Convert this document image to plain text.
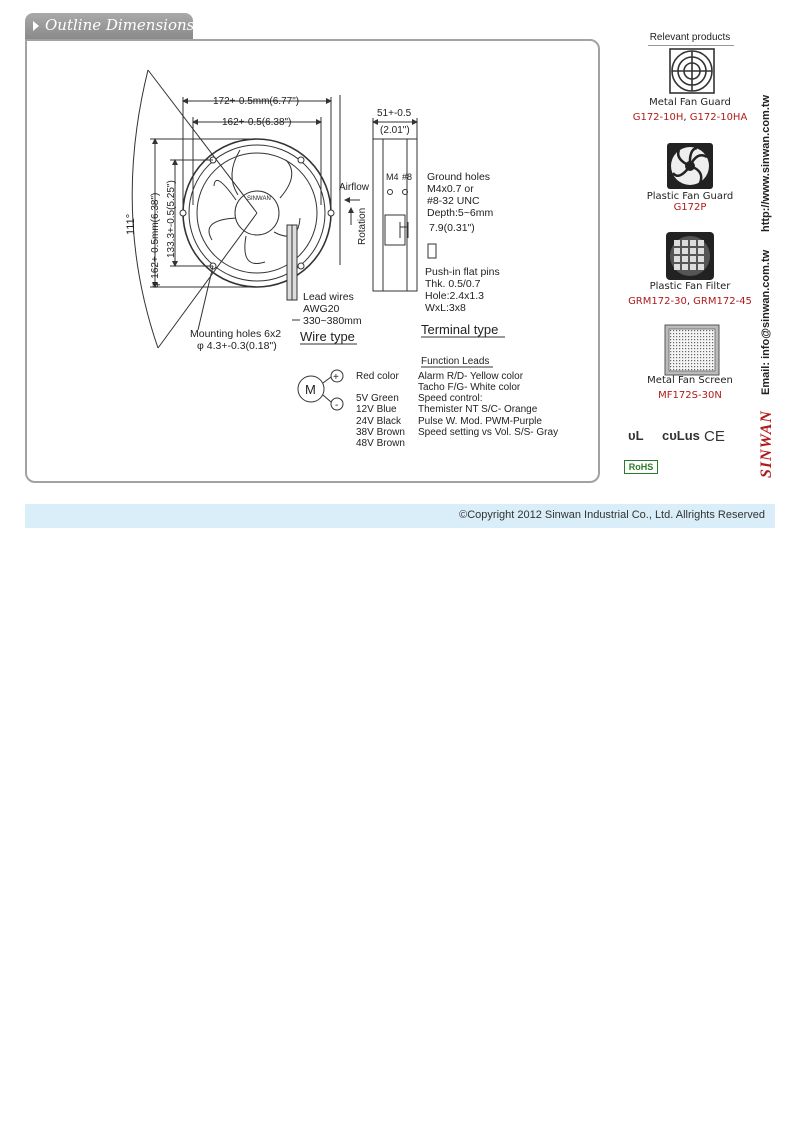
Outline Dimensions
SINWAN
172+-0.5mm(6.77")
162+-0.5(6.38")
φ 162+-0.5mm(6.38") 133.3+-0.5(5.25")
111°
Mounting holes 6x2
φ 4.3+-0.3(0.18")
Lead wires
AWG20
330~380mm
Wire type
51+-0.5
(2.01")
Airflow
Rotation
M4 #8 Ground holes
M4x0.7 or
#8-32 UNC
Depth:5~6mm
7.9(0.31")
Push-in flat pins
Thk. 0.5/0.7
Hole:2.4x1.3
WxL:3x8
Terminal type
Function Leads
M
+
-
Red color
5V Green
12V Blue
24V Black
38V Brown
48V Brown
Alarm R/D- Yellow color
Tacho F/G- White color
Speed control:
Themister NT S/C- Orange
Pulse W. Mod. PWM-Purple
Speed setting vs Vol. S/S- Gray
Relevant products
Metal Fan Guard
G172-10H, G172-10HA
Plastic Fan Guard
G172P
Plastic Fan Filter
GRM172-30, GRM172-45
Metal Fan Screen
MF172S-30N
ᴜL cᴜLus CE
RoHS
http://www.sinwan.com.tw
Email: info@sinwan.com.tw
SINWAN
©Copyright 2012 Sinwan Industrial Co., Ltd. Allrights Reserved
